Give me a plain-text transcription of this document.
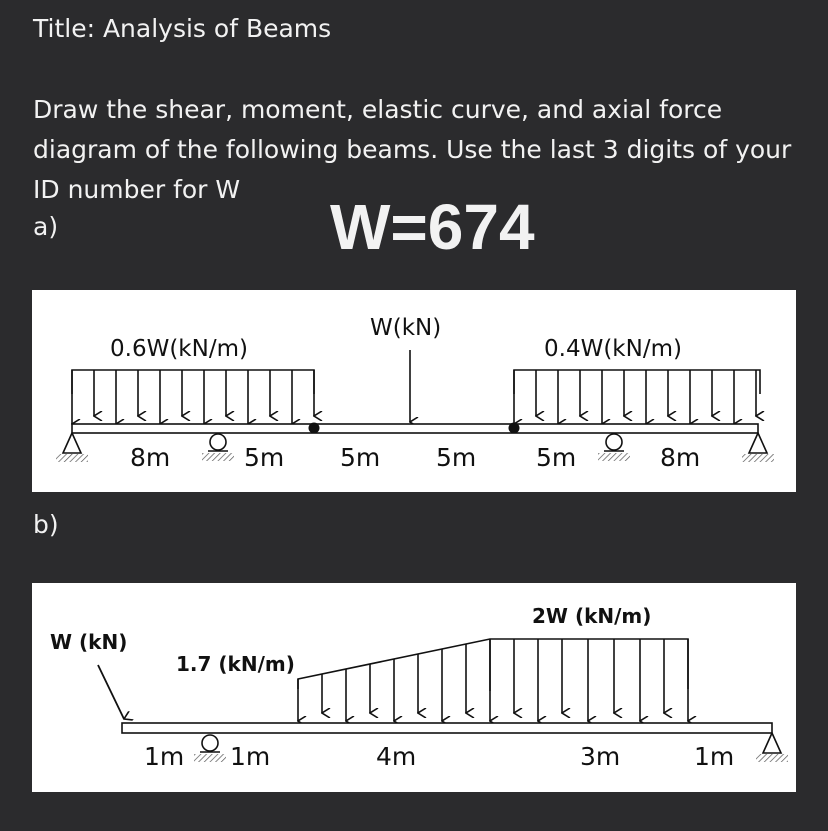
Title: Analysis of Beams
Draw the shear, moment, elastic curve, and axial force diagram of the following beams. Use the last 3 digits of your ID number for W
a)	W=674
0.6W(kN/m)
W(kN)
0.4W(kN/m)
8m	5m 5m 5m 5m	8m
b)
W (kN)
1.7 (kN/m)
2W (kN/m)
1m 1m	4m	3m	1m
